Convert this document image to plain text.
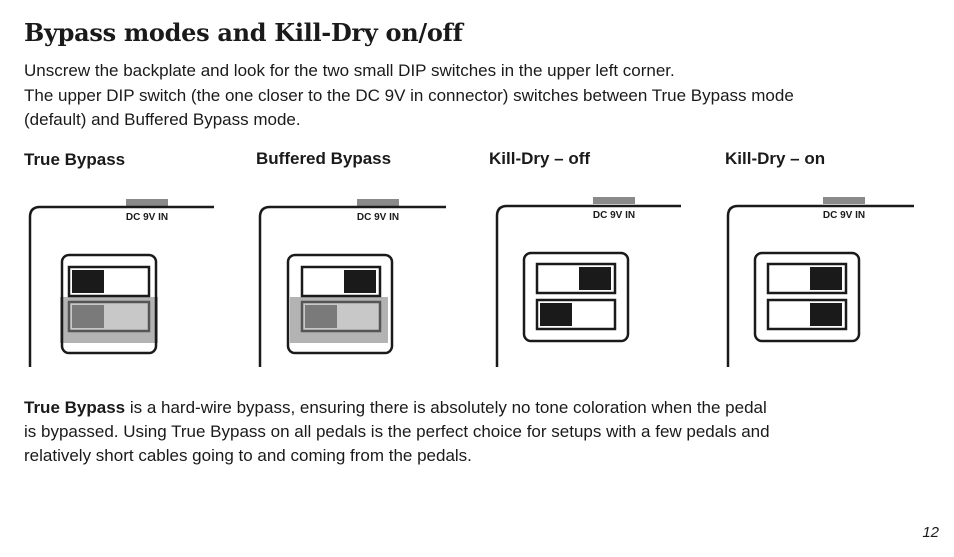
Bypass modes and Kill-Dry on/off
Unscrew the backplate and look for the two small DIP switches in the upper left corner.
The upper DIP switch (the one closer to the DC 9V in connector) switches between True Bypass mode
(default) and Buffered Bypass mode.
True Bypass
DC 9V IN
Buffered Bypass
DC 9V IN
Kill-Dry – off
DC 9V IN
Kill-Dry – on
DC 9V IN
True Bypass is a hard-wire bypass, ensuring there is absolutely no tone coloration when the pedal
is bypassed. Using True Bypass on all pedals is the perfect choice for setups with a few pedals and
relatively short cables going to and coming from the pedals.
12
